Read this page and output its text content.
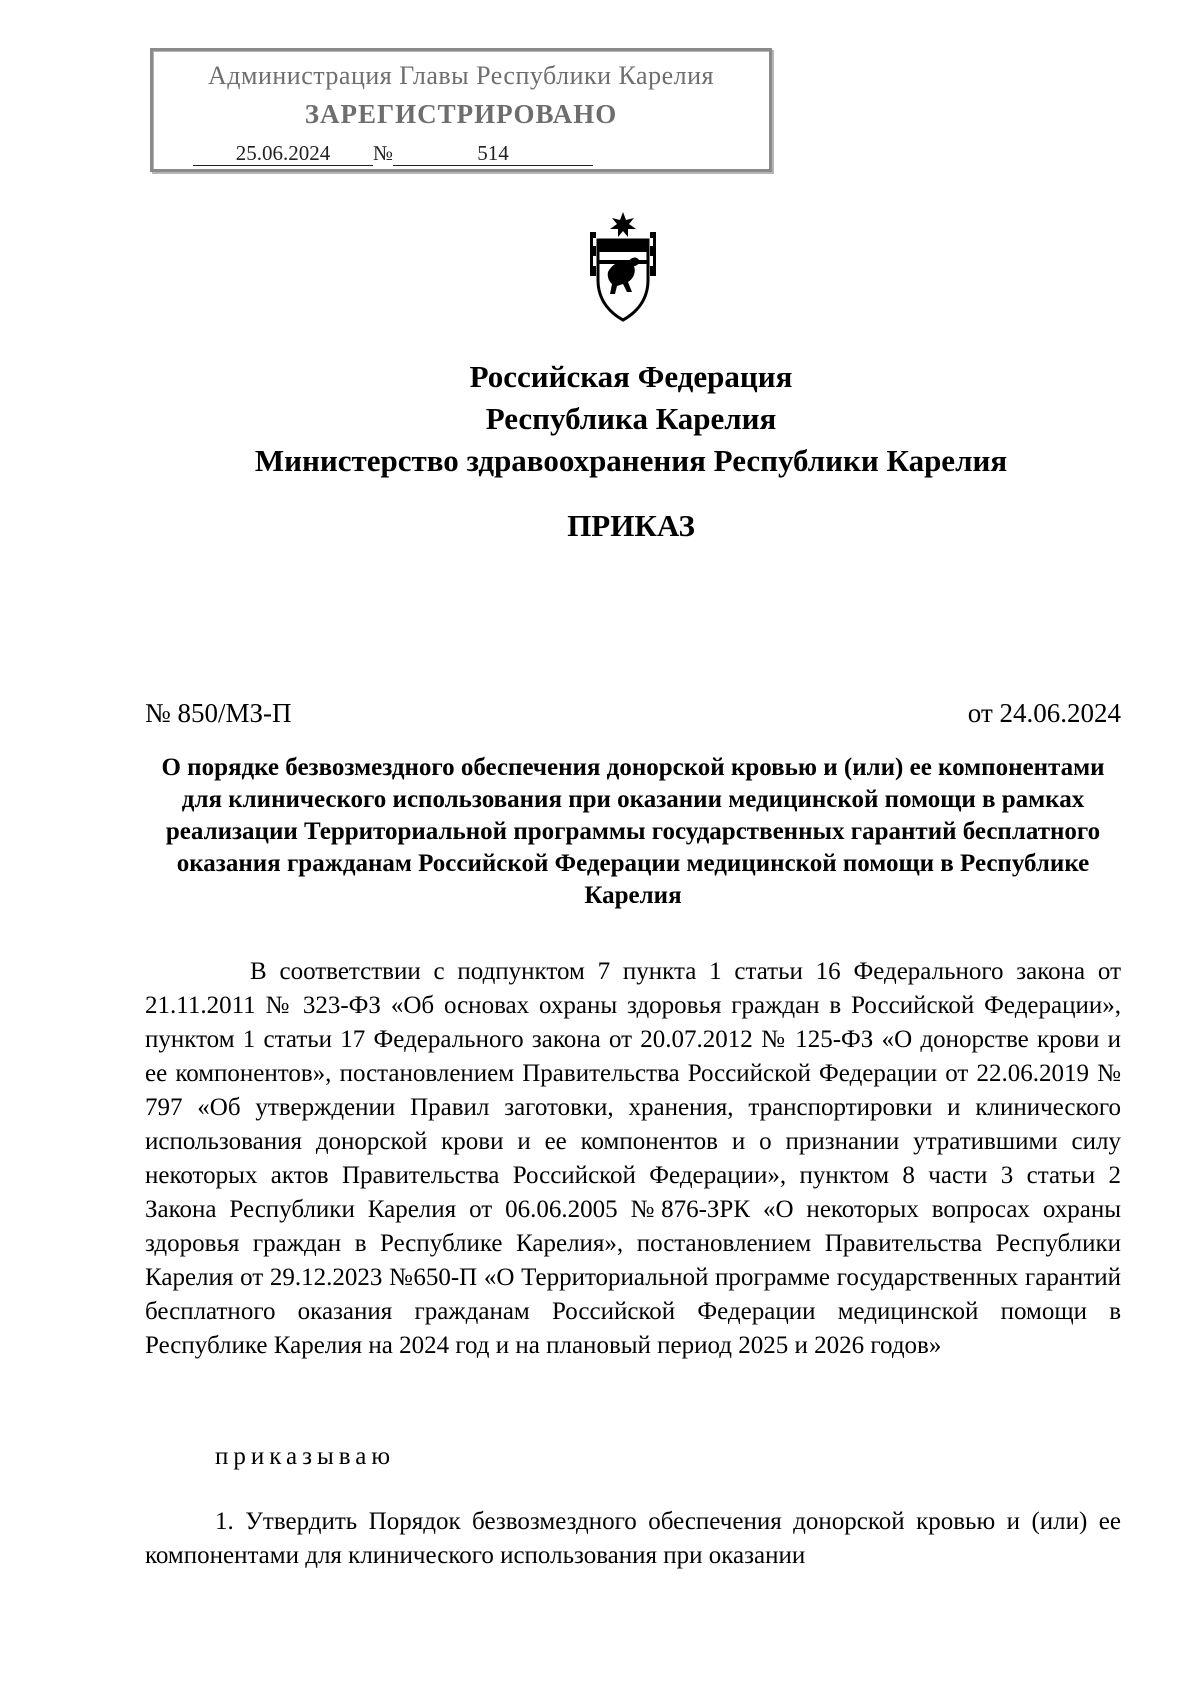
Администрация Главы Республики Карелия
ЗАРЕГИСТРИРОВАНО
25.06.2024 №	514
Российская Федерация
Республика Карелия
Министерство здравоохранения Республики Карелия
ПРИКАЗ
№ 850/МЗ-П	от 24.06.2024
О порядке безвозмездного обеспечения донорской кровью и (или) ее компонентами для клинического использования при оказании медицинской помощи в рамках реализации Территориальной программы государственных гарантий бесплатного оказания гражданам Российской Федерации медицинской помощи в Республике Карелия
В соответствии с подпунктом 7 пункта 1 статьи 16 Федерального закона от 21.11.2011 № 323-ФЗ «Об основах охраны здоровья граждан в Российской Федерации», пунктом 1 статьи 17 Федерального закона от 20.07.2012 № 125-ФЗ «О донорстве крови и ее компонентов», постановлением Правительства Российской Федерации от 22.06.2019 № 797 «Об утверждении Правил заготовки, хранения, транспортировки и клинического использования донорской крови и ее компонентов и о признании утратившими силу некоторых актов Правительства Российской Федерации», пунктом 8 части 3 статьи 2 Закона Республики Карелия от 06.06.2005 №876-ЗРК «О некоторых вопросах охраны здоровья граждан в Республике Карелия», постановлением Правительства Республики Карелия от 29.12.2023 №650-П «О Территориальной программе государственных гарантий бесплатного оказания гражданам Российской Федерации медицинской помощи в Республике Карелия на 2024 год и на плановый период 2025 и 2026 годов»
приказываю
1. Утвердить Порядок безвозмездного обеспечения донорской кровью и (или) ее компонентами для клинического использования при оказании
